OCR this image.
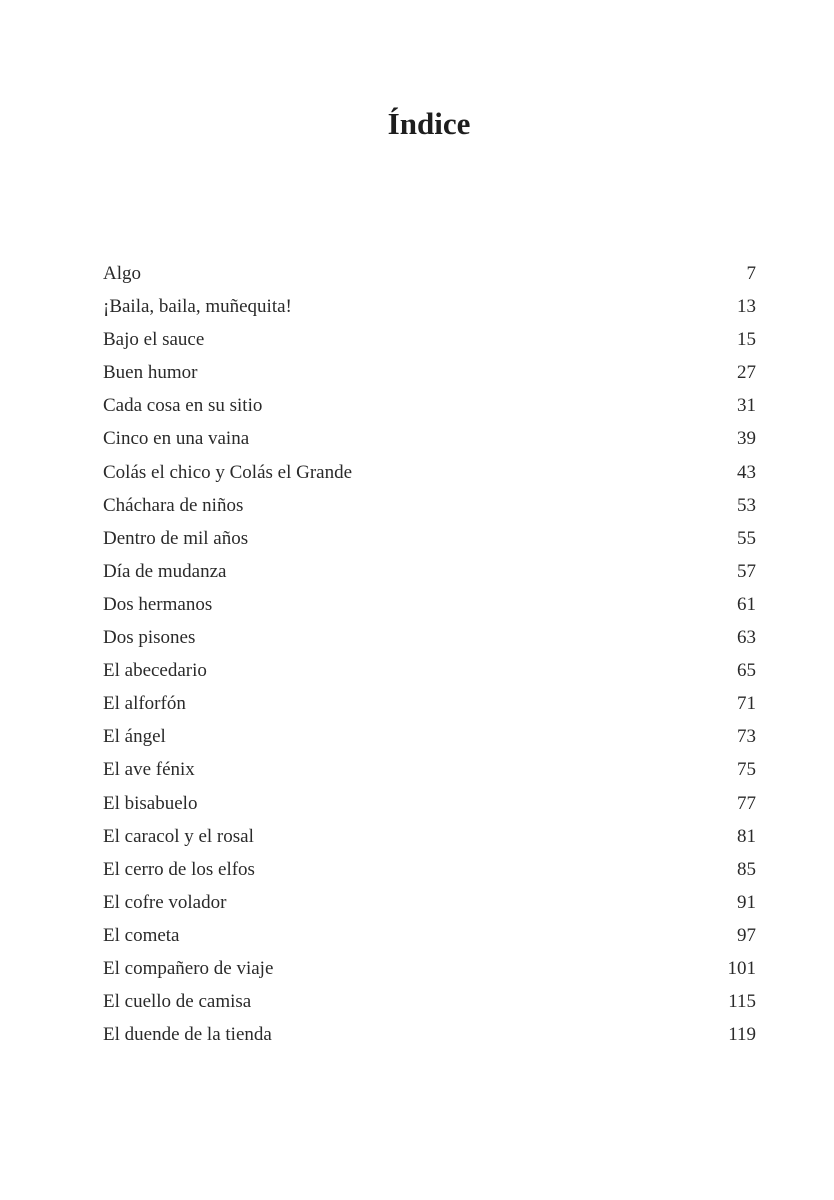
Índice
Algo	7
¡Baila, baila, muñequita!	13
Bajo el sauce	15
Buen humor	27
Cada cosa en su sitio	31
Cinco en una vaina	39
Colás el chico y Colás el Grande	43
Cháchara de niños	53
Dentro de mil años	55
Día de mudanza	57
Dos hermanos	61
Dos pisones	63
El abecedario	65
El alforfón	71
El ángel	73
El ave fénix	75
El bisabuelo	77
El caracol y el rosal	81
El cerro de los elfos	85
El cofre volador	91
El cometa	97
El compañero de viaje	101
El cuello de camisa	115
El duende de la tienda	119
